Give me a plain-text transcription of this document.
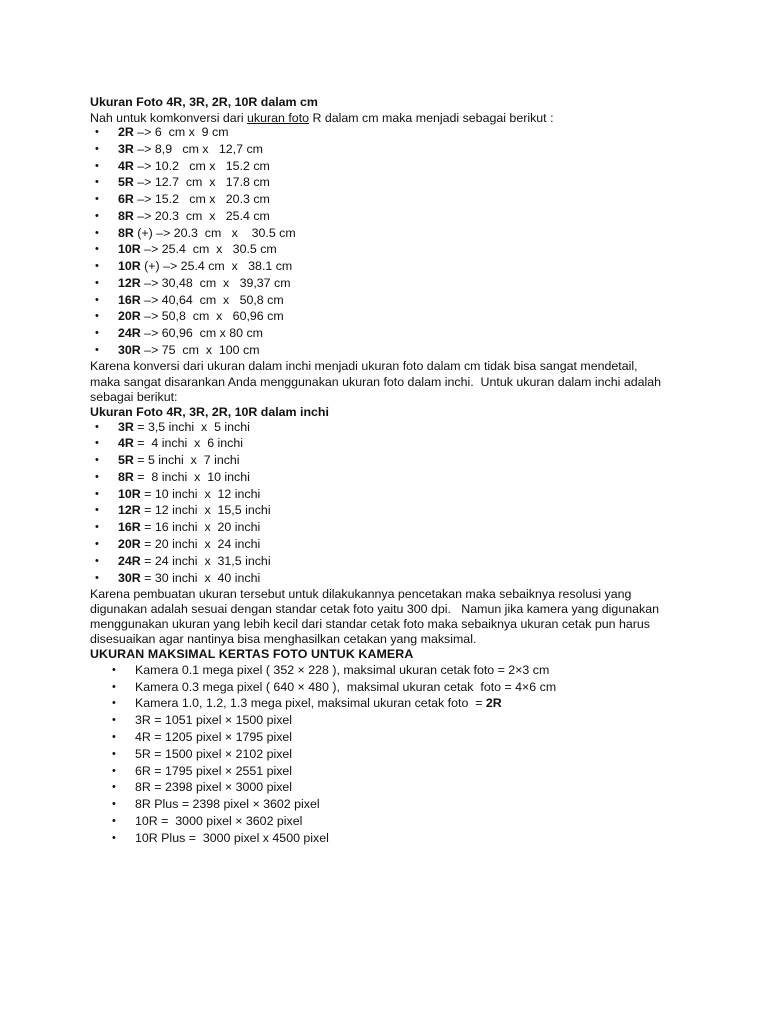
Ukuran Foto 4R, 3R, 2R, 10R dalam cm
Nah untuk komkonversi dari ukuran foto R dalam cm maka menjadi sebagai berikut :
• 2R –> 6  cm x  9 cm
• 3R –> 8,9   cm x   12,7 cm
• 4R –> 10.2   cm x   15.2 cm
• 5R –> 12.7  cm  x   17.8 cm
• 6R –> 15.2   cm x   20.3 cm
• 8R –> 20.3  cm  x   25.4 cm
• 8R (+) –> 20.3  cm   x    30.5 cm
• 10R –> 25.4  cm  x   30.5 cm
• 10R (+) –> 25.4 cm  x   38.1 cm
• 12R –> 30,48  cm  x   39,37 cm
• 16R –> 40,64  cm  x   50,8 cm
• 20R –> 50,8  cm  x   60,96 cm
• 24R –> 60,96  cm x 80 cm
• 30R –> 75  cm  x  100 cm
Karena konversi dari ukuran dalam inchi menjadi ukuran foto dalam cm tidak bisa sangat mendetail,
maka sangat disarankan Anda menggunakan ukuran foto dalam inchi.  Untuk ukuran dalam inchi adalah
sebagai berikut:
Ukuran Foto 4R, 3R, 2R, 10R dalam inchi
• 3R = 3,5 inchi  x  5 inchi
• 4R =  4 inchi  x  6 inchi
• 5R = 5 inchi  x  7 inchi
• 8R =  8 inchi  x  10 inchi
• 10R = 10 inchi  x  12 inchi
• 12R = 12 inchi  x  15,5 inchi
• 16R = 16 inchi  x  20 inchi
• 20R = 20 inchi  x  24 inchi
• 24R = 24 inchi  x  31,5 inchi
• 30R = 30 inchi  x  40 inchi
Karena pembuatan ukuran tersebut untuk dilakukannya pencetakan maka sebaiknya resolusi yang
digunakan adalah sesuai dengan standar cetak foto yaitu 300 dpi.   Namun jika kamera yang digunakan
menggunakan ukuran yang lebih kecil dari standar cetak foto maka sebaiknya ukuran cetak pun harus
disesuaikan agar nantinya bisa menghasilkan cetakan yang maksimal.
UKURAN MAKSIMAL KERTAS FOTO UNTUK KAMERA
• Kamera 0.1 mega pixel ( 352 × 228 ), maksimal ukuran cetak foto = 2×3 cm
• Kamera 0.3 mega pixel ( 640 × 480 ),  maksimal ukuran cetak  foto = 4×6 cm
• Kamera 1.0, 1.2, 1.3 mega pixel, maksimal ukuran cetak foto  = 2R
• 3R = 1051 pixel × 1500 pixel
• 4R = 1205 pixel × 1795 pixel
• 5R = 1500 pixel × 2102 pixel
• 6R = 1795 pixel × 2551 pixel
• 8R = 2398 pixel × 3000 pixel
• 8R Plus = 2398 pixel × 3602 pixel
• 10R =  3000 pixel × 3602 pixel
• 10R Plus =  3000 pixel x 4500 pixel
